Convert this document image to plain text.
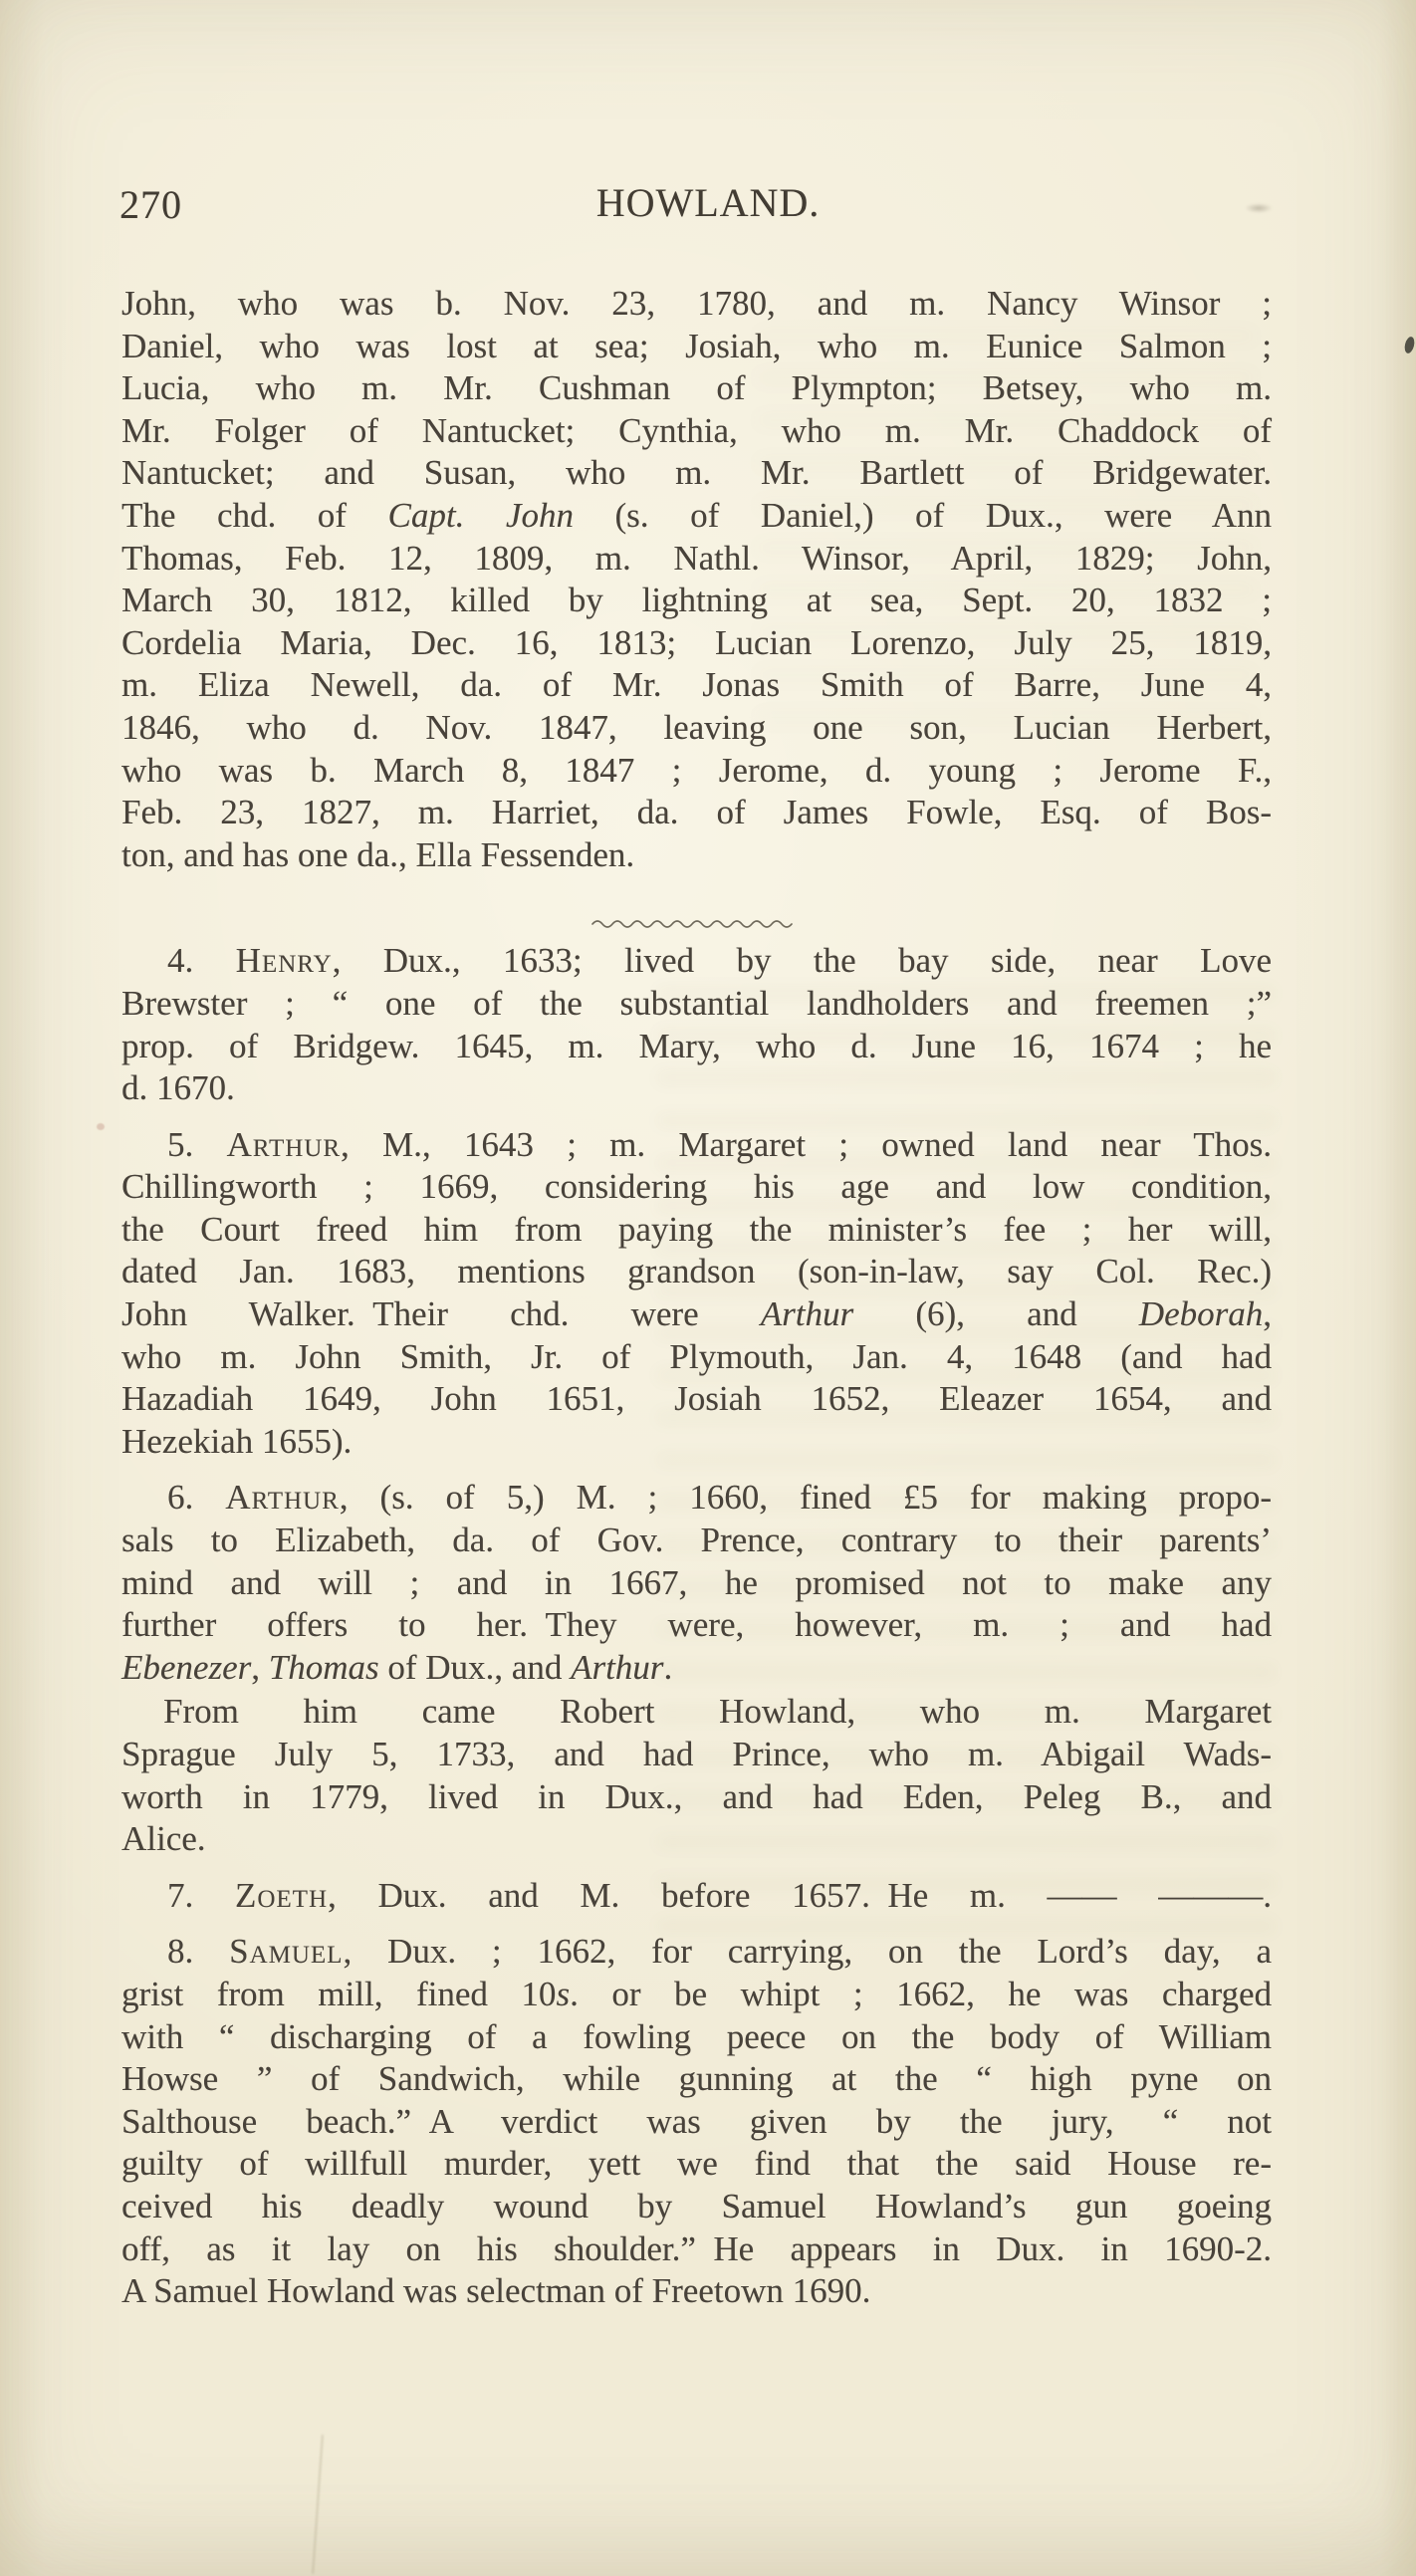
270	HOWLAND.
John, who was b. Nov. 23, 1780, and m. Nancy Winsor ;
Daniel, who was lost at sea; Josiah, who m. Eunice Salmon ;
Lucia, who m. Mr. Cushman of Plympton; Betsey, who m.
Mr. Folger of Nantucket; Cynthia, who m. Mr. Chaddock of
Nantucket; and Susan, who m. Mr. Bartlett of Bridgewater.
The chd. of Capt. John (s. of Daniel,) of Dux., were Ann
Thomas, Feb. 12, 1809, m. Nathl. Winsor, April, 1829; John,
March 30, 1812, killed by lightning at sea, Sept. 20, 1832 ;
Cordelia Maria, Dec. 16, 1813; Lucian Lorenzo, July 25, 1819,
m. Eliza Newell, da. of Mr. Jonas Smith of Barre, June 4,
1846, who d. Nov. 1847, leaving one son, Lucian Herbert,
who was b. March 8, 1847 ; Jerome, d. young ; Jerome F.,
Feb. 23, 1827, m. Harriet, da. of James Fowle, Esq. of Bos-
ton, and has one da., Ella Fessenden.
4. Henry, Dux., 1633; lived by the bay side, near Love
Brewster ; “ one of the substantial landholders and freemen ;”
prop. of Bridgew. 1645, m. Mary, who d. June 16, 1674 ; he
d. 1670.
5. Arthur, M., 1643 ; m. Margaret ; owned land near Thos.
Chillingworth ; 1669, considering his age and low condition,
the Court freed him from paying the minister’s fee ; her will,
dated Jan. 1683, mentions grandson (son-in-law, say Col. Rec.)
John Walker. Their chd. were Arthur (6), and Deborah,
who m. John Smith, Jr. of Plymouth, Jan. 4, 1648 (and had
Hazadiah 1649, John 1651, Josiah 1652, Eleazer 1654, and
Hezekiah 1655).
6. Arthur, (s. of 5,) M. ; 1660, fined £5 for making propo-
sals to Elizabeth, da. of Gov. Prence, contrary to their parents’
mind and will ; and in 1667, he promised not to make any
further offers to her. They were, however, m. ; and had
Ebenezer, Thomas of Dux., and Arthur.
From him came Robert Howland, who m. Margaret
Sprague July 5, 1733, and had Prince, who m. Abigail Wads-
worth in 1779, lived in Dux., and had Eden, Peleg B., and
Alice.
7. Zoeth, Dux. and M. before 1657. He m. —— ———.
8. Samuel, Dux. ; 1662, for carrying, on the Lord’s day, a
grist from mill, fined 10s. or be whipt ; 1662, he was charged
with “ discharging of a fowling peece on the body of William
Howse ” of Sandwich, while gunning at the “ high pyne on
Salthouse beach.” A verdict was given by the jury, “ not
guilty of willfull murder, yett we find that the said House re-
ceived his deadly wound by Samuel Howland’s gun goeing
off, as it lay on his shoulder.” He appears in Dux. in 1690-2.
A Samuel Howland was selectman of Freetown 1690.
